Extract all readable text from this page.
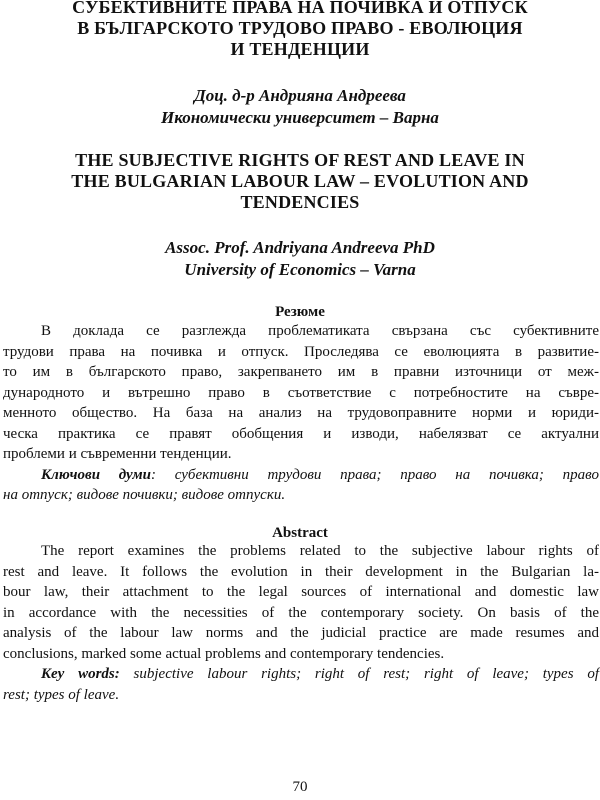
СУБЕКТИВНИТЕ ПРАВА НА ПОЧИВКА И ОТПУСК
В БЪЛГАРСКОТО ТРУДОВО ПРАВО - ЕВОЛЮЦИЯ
И ТЕНДЕНЦИИ
Доц. д-р Андрияна Андреева
Икономически университет – Варна
THE SUBJECTIVE RIGHTS OF REST AND LEAVE IN
THE BULGARIAN LABOUR LAW – EVOLUTION AND
TENDENCIES
Assoc. Prof. Andriyana Andreeva PhD
University of Economics – Varna
Резюме
В доклада се разглежда проблематиката свързана със субективните
трудови права на почивка и отпуск. Проследява се еволюцията в развитие-
то им в българското право, закрепването им в правни източници от меж-
дународното и вътрешно право в съответствие с потребностите на съвре-
менното общество. На база на анализ на трудовоправните норми и юриди-
ческа практика се правят обобщения и изводи, набелязват се актуални
проблеми и съвременни тенденции.
Ключови думи: субективни трудови права; право на почивка; право
на отпуск; видове почивки; видове отпуски.
Abstract
The report examines the problems related to the subjective labour rights of
rest and leave. It follows the evolution in their development in the Bulgarian la-
bour law, their attachment to the legal sources of international and domestic law
in accordance with the necessities of the contemporary society. On basis of the
analysis of the labour law norms and the judicial practice are made resumes and
conclusions, marked some actual problems and contemporary tendencies.
Key words: subjective labour rights; right of rest; right of leave; types of
rest; types of leave.
70
